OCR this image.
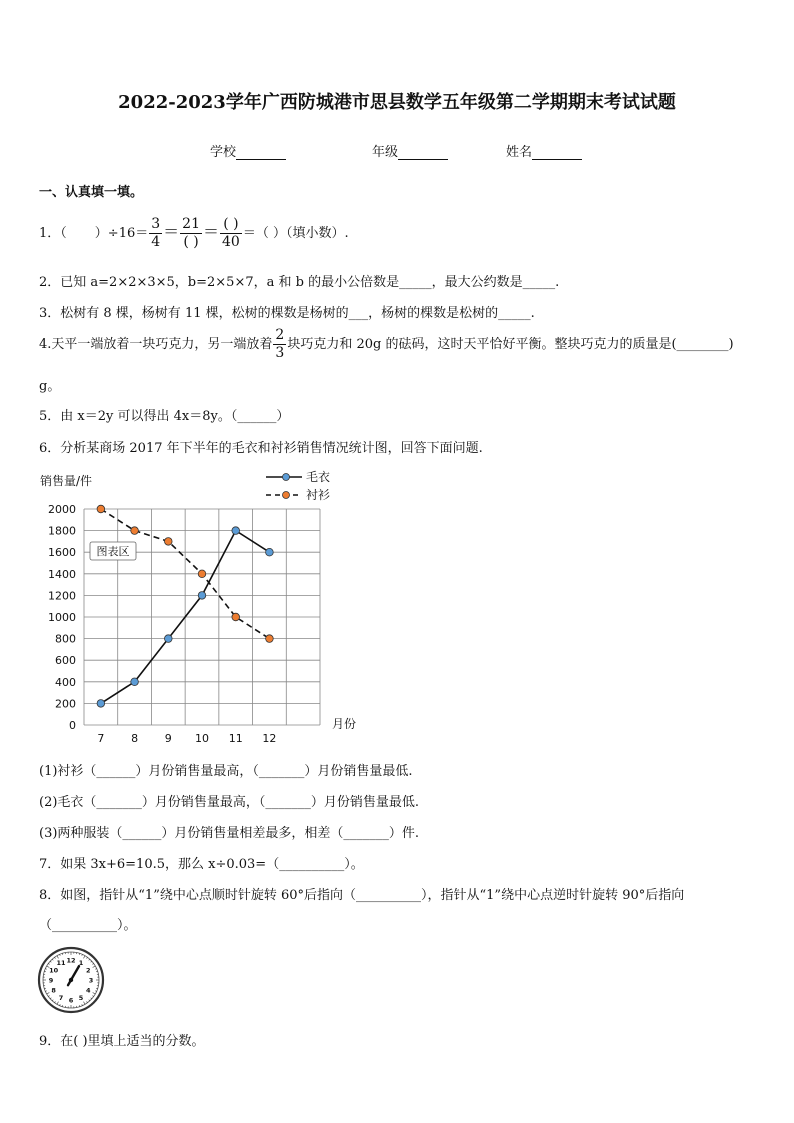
2022-2023学年广西防城港市思县数学五年级第二学期期末考试试题
学校	年级	姓名
一、认真填一填。
1．（ ）$\div 16= \frac{3}{4} = \frac{21}{( )} = \frac{( )}{40}$ ＝（ ）（填小数）.
2．已知 a=2×2×3×5，b=2×5×7，a 和 b 的最小公倍数是_____，最大公约数是_____.
3．松树有 8 棵，杨树有 11 棵，松树的棵数是杨树的___，杨树的棵数是松树的_____.
4.天平一端放着一块巧克力，另一端放着 $\frac{2}{3}$ 块巧克力和 20g 的砝码，这时天平恰好平衡。整块巧克力的质量是(________)
g。
5．由 x＝2y 可以得出 4x＝8y。（______）
6．分析某商场 2017 年下半年的毛衣和衬衫销售情况统计图，回答下面问题.
销售量/件
月份
0
200
400
600
800
1000
1200
1400
1600
1800
2000
7 8 9 10 11 12
毛衣
衬衫
图表区
(1)衬衫（______）月份销售量最高，（_______）月份销售量最低.
(2)毛衣（_______）月份销售量最高，（_______）月份销售量最低.
(3)两种服装（______）月份销售量相差最多，相差（_______）件.
7．如果 3x+6=10.5，那么 x÷0.03=（__________）。
8．如图，指针从“1”绕中心点顺时针旋转 60°后指向（__________），指针从“1”绕中心点逆时针旋转 90°后指向
（__________）。
12 1
2
3
4
5
6
7
8
9
10
11
9．在( )里填上适当的分数。
